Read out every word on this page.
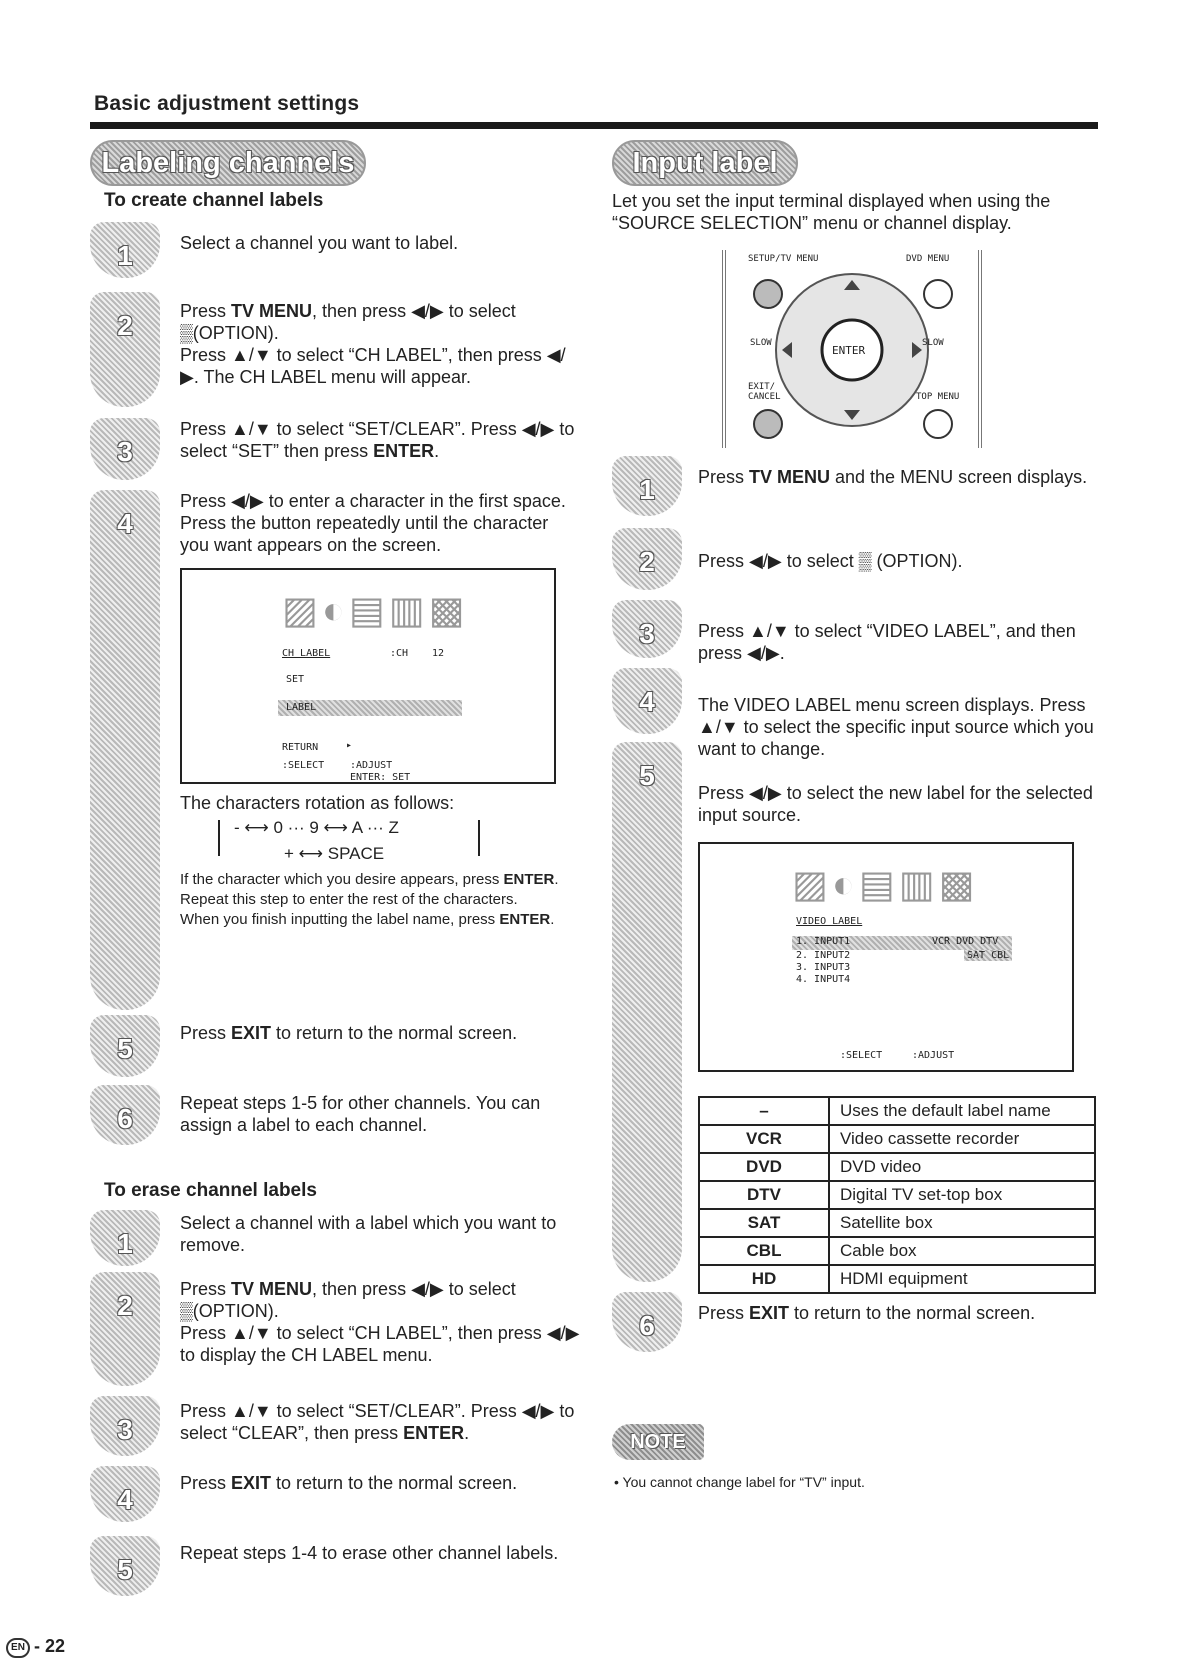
Basic adjustment settings
Labeling channels
To create channel labels
1
2
3
4
5
6
Select a channel you want to label.
Press TV MENU, then press ◀/▶ to select ▒(OPTION).
Press ▲/▼ to select “CH LABEL”, then press ◀/▶. The CH LABEL menu will appear.
Press ▲/▼ to select “SET/CLEAR”. Press ◀/▶ to select “SET” then press ENTER.
Press ◀/▶ to enter a character in the first space. Press the button repeatedly until the character you want appears on the screen.
▨◐▤▥▩
CH LABEL	:CH 12
SET
LABEL
RETURN	▸
:SELECT	:ADJUST
ENTER: SET
The characters rotation as follows:
- ⟷ 0 ··· 9 ⟷ A ··· Z
+ ⟷ SPACE
If the character which you desire appears, press ENTER. Repeat this step to enter the rest of the characters.
When you finish inputting the label name, press ENTER.
Press EXIT to return to the normal screen.
Repeat steps 1-5 for other channels. You can assign a label to each channel.
To erase channel labels
1
2
3
4
5
Select a channel with a label which you want to remove.
Press TV MENU, then press ◀/▶ to select ▒(OPTION).
Press ▲/▼ to select “CH LABEL”, then press ◀/▶ to display the CH LABEL menu.
Press ▲/▼ to select “SET/CLEAR”. Press ◀/▶ to select “CLEAR”, then press ENTER.
Press EXIT to return to the normal screen.
Repeat steps 1-4 to erase other channel labels.
EN - 22
Input label
Let you set the input terminal displayed when using the “SOURCE SELECTION” menu or channel display.
SETUP/TV MENU	DVD MENU
SLOW	SLOW
ENTER
EXIT/ CANCEL	TOP MENU
1
2
3
4
5
6
Press TV MENU and the MENU screen displays.
Press ◀/▶ to select ▒ (OPTION).
Press ▲/▼ to select “VIDEO LABEL”, and then press ◀/▶.
The VIDEO LABEL menu screen displays. Press ▲/▼ to select the specific input source which you want to change.
Press ◀/▶ to select the new label for the selected input source.
▨◐▤▥▩
VIDEO LABEL
1. INPUT1
2. INPUT2
3. INPUT3
4. INPUT4
VCR DVD DTV
SAT CBL
:SELECT	:ADJUST
–	Uses the default label name
VCR	Video cassette recorder
DVD	DVD video
DTV	Digital TV set-top box
SAT	Satellite box
CBL	Cable box
HD	HDMI equipment
Press EXIT to return to the normal screen.
NOTE
• You cannot change label for “TV” input.
